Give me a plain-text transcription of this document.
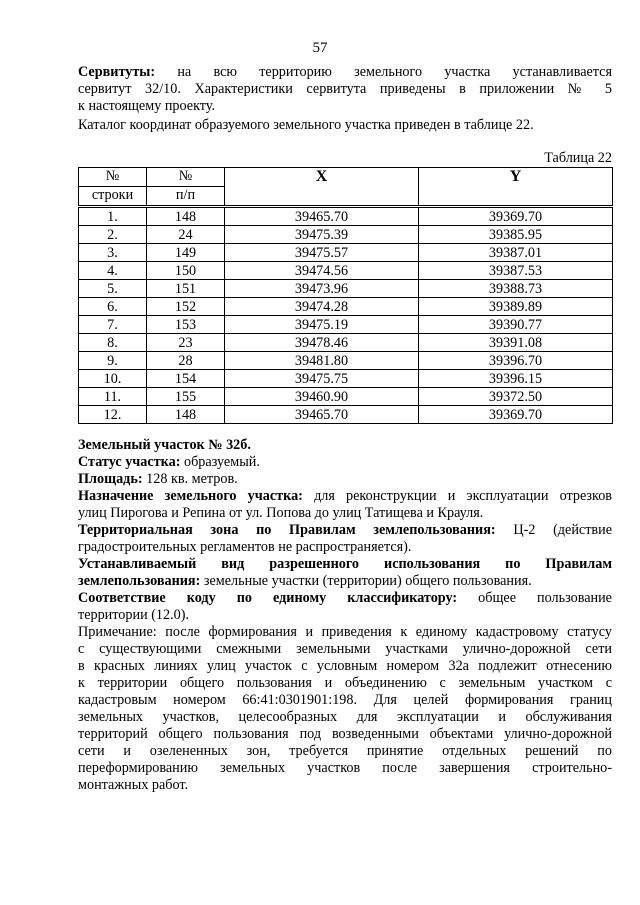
57
Сервитуты: на всю территорию земельного участка устанавливается
сервитут 32/10. Характеристики сервитута приведены в приложении № 5
к настоящему проекту.
Каталог координат образуемого земельного участка приведен в таблице 22.
Таблица 22
№	№	X	Y
строки	п/п		
1.	148	39465.70	39369.70
2.	24	39475.39	39385.95
3.	149	39475.57	39387.01
4.	150	39474.56	39387.53
5.	151	39473.96	39388.73
6.	152	39474.28	39389.89
7.	153	39475.19	39390.77
8.	23	39478.46	39391.08
9.	28	39481.80	39396.70
10.	154	39475.75	39396.15
11.	155	39460.90	39372.50
12.	148	39465.70	39369.70
Земельный участок № 32б.
Статус участка: образуемый.
Площадь: 128 кв. метров.
Назначение земельного участка: для реконструкции и эксплуатации отрезков
улиц Пирогова и Репина от ул. Попова до улиц Татищева и Крауля.
Территориальная зона по Правилам землепользования: Ц-2 (действие
градостроительных регламентов не распространяется).
Устанавливаемый вид разрешенного использования по Правилам
землепользования: земельные участки (территории) общего пользования.
Соответствие коду по единому классификатору: общее пользование
территории (12.0).
Примечание: после формирования и приведения к единому кадастровому статусу
с существующими смежными земельными участками улично-дорожной сети
в красных линиях улиц участок с условным номером 32а подлежит отнесению
к территории общего пользования и объединению с земельным участком с
кадастровым номером 66:41:0301901:198. Для целей формирования границ
земельных участков, целесообразных для эксплуатации и обслуживания
территорий общего пользования под возведенными объектами улично-дорожной
сети и озелененных зон, требуется принятие отдельных решений по
переформированию земельных участков после завершения строительно-
монтажных работ.
